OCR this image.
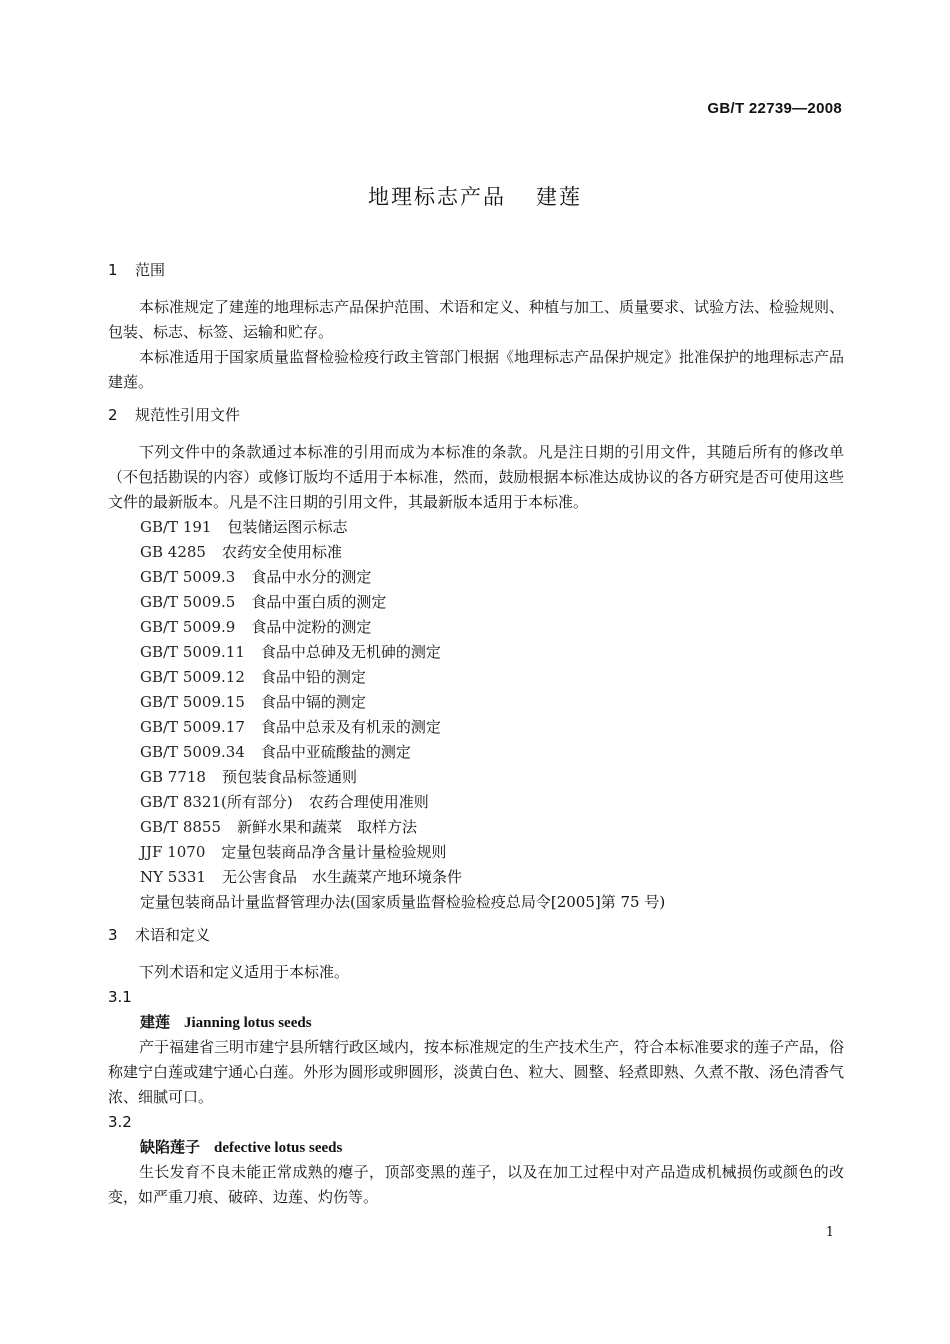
GB/T 22739—2008
地理标志产品 建莲

1 范围

本标准规定了建莲的地理标志产品保护范围、术语和定义、种植与加工、质量要求、试验方法、检验规则、包装、标志、标签、运输和贮存。

本标准适用于国家质量监督检验检疫行政主管部门根据《地理标志产品保护规定》批准保护的地理标志产品建莲。

2 规范性引用文件

下列文件中的条款通过本标准的引用而成为本标准的条款。凡是注日期的引用文件，其随后所有的修改单（不包括勘误的内容）或修订版均不适用于本标准，然而，鼓励根据本标准达成协议的各方研究是否可使用这些文件的最新版本。凡是不注日期的引用文件，其最新版本适用于本标准。

GB/T 191 包装储运图示标志

GB 4285 农药安全使用标准

GB/T 5009.3 食品中水分的测定

GB/T 5009.5 食品中蛋白质的测定

GB/T 5009.9 食品中淀粉的测定

GB/T 5009.11 食品中总砷及无机砷的测定

GB/T 5009.12 食品中铅的测定

GB/T 5009.15 食品中镉的测定

GB/T 5009.17 食品中总汞及有机汞的测定

GB/T 5009.34 食品中亚硫酸盐的测定

GB 7718 预包装食品标签通则

GB/T 8321(所有部分) 农药合理使用准则

GB/T 8855 新鲜水果和蔬菜　取样方法

JJF 1070 定量包装商品净含量计量检验规则

NY 5331 无公害食品　水生蔬菜产地环境条件

定量包装商品计量监督管理办法(国家质量监督检验检疫总局令[2005]第 75 号)

3 术语和定义

下列术语和定义适用于本标准。

3.1

建莲 Jianning lotus seeds

产于福建省三明市建宁县所辖行政区域内，按本标准规定的生产技术生产，符合本标准要求的莲子产品，俗称建宁白莲或建宁通心白莲。外形为圆形或卵圆形，淡黄白色、粒大、圆整、轻煮即熟、久煮不散、汤色清香气浓、细腻可口。

3.2

缺陷莲子 defective lotus seeds

生长发育不良未能正常成熟的瘪子，顶部变黑的莲子，以及在加工过程中对产品造成机械损伤或颜色的改变，如严重刀痕、破碎、边莲、灼伤等。

1
